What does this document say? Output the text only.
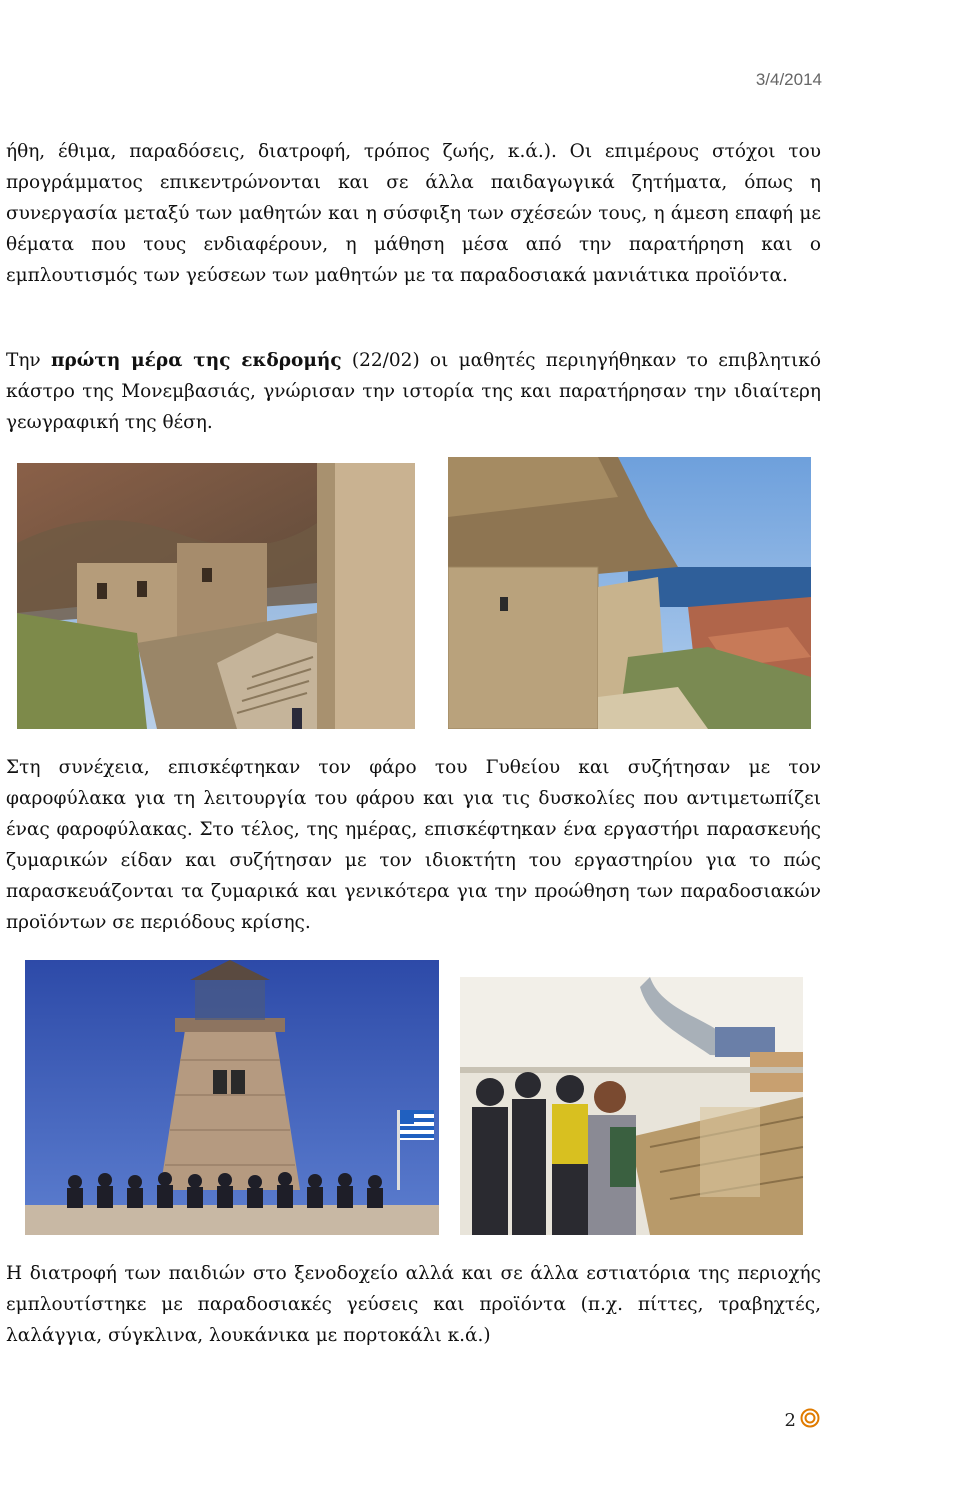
3/4/2014

ήθη, έθιμα, παραδόσεις, διατροφή, τρόπος ζωής, κ.ά.). Οι επιμέρους στόχοι του προγράμματος επικεντρώνονται και σε άλλα παιδαγωγικά ζητήματα, όπως η συνεργασία μεταξύ των μαθητών και η σύσφιξη των σχέσεών τους, η άμεση επαφή με θέματα που τους ενδιαφέρουν, η μάθηση μέσα από την παρατήρηση και ο εμπλουτισμός των γεύσεων των μαθητών με τα παραδοσιακά μανιάτικα προϊόντα.

Την πρώτη μέρα της εκδρομής (22/02) οι μαθητές περιηγήθηκαν το επιβλητικό κάστρο της Μονεμβασιάς, γνώρισαν την ιστορία της και παρατήρησαν την ιδιαίτερη γεωγραφική της θέση.

Στη συνέχεια, επισκέφτηκαν τον φάρο του Γυθείου και συζήτησαν με τον φαροφύλακα για τη λειτουργία του φάρου και για τις δυσκολίες που αντιμετωπίζει ένας φαροφύλακας. Στο τέλος, της ημέρας, επισκέφτηκαν ένα εργαστήρι παρασκευής ζυμαρικών είδαν και συζήτησαν με τον ιδιοκτήτη του εργαστηρίου για το πώς παρασκευάζονται τα ζυμαρικά και γενικότερα για την προώθηση των παραδοσιακών προϊόντων σε περιόδους κρίσης.

Η διατροφή των παιδιών στο ξενοδοχείο αλλά και σε άλλα εστιατόρια της περιοχής εμπλουτίστηκε με παραδοσιακές γεύσεις και προϊόντα (π.χ. πίττες, τραβηχτές, λαλάγγια, σύγκλινα, λουκάνικα με πορτοκάλι κ.ά.)

2
